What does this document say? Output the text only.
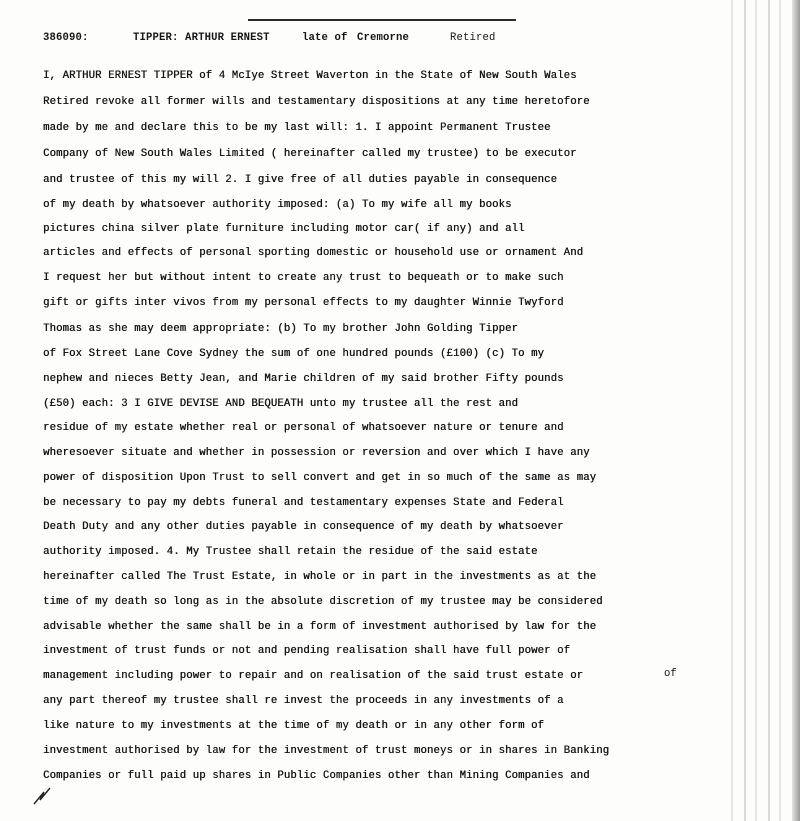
386090:	TIPPER: ARTHUR ERNEST	late of Cremorne	Retired
I, ARTHUR ERNEST TIPPER of 4 McIye Street Waverton in the State of New South Wales
Retired revoke all former wills and testamentary dispositions at any time heretofore
made by me and declare this to be my last will: 1. I appoint Permanent Trustee
Company of New South Wales Limited ( hereinafter called my trustee) to be executor
and trustee of this my will 2. I give free of all duties payable in consequence
of my death by whatsoever authority imposed: (a) To my wife all my books
pictures china silver plate furniture including motor car( if any) and all
articles and effects of personal sporting domestic or household use or ornament And
I request her but without intent to create any trust to bequeath or to make such
gift or gifts inter vivos from my personal effects to my daughter Winnie Twyford
Thomas as she may deem appropriate: (b) To my brother John Golding Tipper
of Fox Street Lane Cove Sydney the sum of one hundred pounds (£100) (c) To my
nephew and nieces Betty Jean, and Marie children of my said brother Fifty pounds
(£50) each: 3 I GIVE DEVISE AND BEQUEATH unto my trustee all the rest and
residue of my estate whether real or personal of whatsoever nature or tenure and
wheresoever situate and whether in possession or reversion and over which I have any
power of disposition Upon Trust to sell convert and get in so much of the same as may
be necessary to pay my debts funeral and testamentary expenses State and Federal
Death Duty and any other duties payable in consequence of my death by whatsoever
authority imposed. 4. My Trustee shall retain the residue of the said estate
hereinafter called The Trust Estate, in whole or in part in the investments as at the
time of my death so long as in the absolute discretion of my trustee may be considered
advisable whether the same shall be in a form of investment authorised by law for the
investment of trust funds or not and pending realisation shall have full power of
management including power to repair and on realisation of the said trust estate or
any part thereof my trustee shall re invest the proceeds in any investments of a
like nature to my investments at the time of my death or in any other form of
investment authorised by law for the investment of trust moneys or in shares in Banking
Companies or full paid up shares in Public Companies other than Mining Companies and
of
